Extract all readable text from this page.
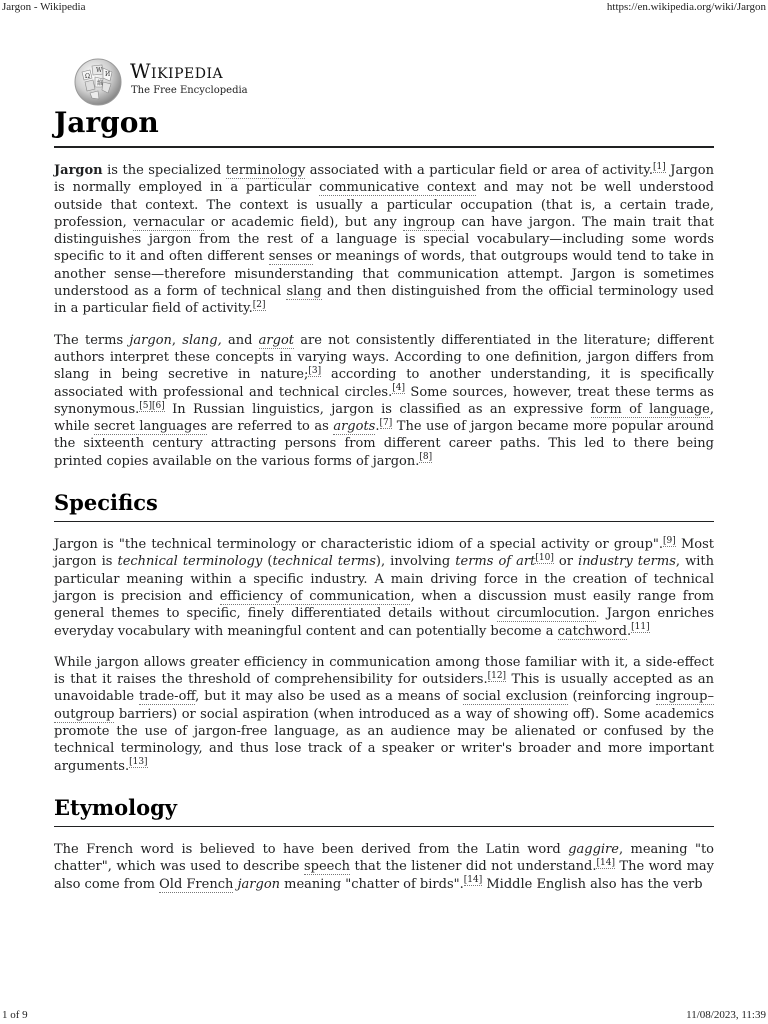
Jargon - Wikipedia	https://en.wikipedia.org/wiki/Jargon
Ω
W
И
維
Wikipedia
The Free Encyclopedia
Jargon

Jargon is the specialized terminology associated with a particular field or area of activity.[1] Jargon is normally employed in a particular communicative context and may not be well understood outside that context. The context is usually a particular occupation (that is, a certain trade, profession, vernacular or academic field), but any ingroup can have jargon. The main trait that distinguishes jargon from the rest of a language is special vocabulary—including some words specific to it and often different senses or meanings of words, that outgroups would tend to take in another sense—therefore misunderstanding that communication attempt. Jargon is sometimes understood as a form of technical slang and then distinguished from the official terminology used in a particular field of activity.[2]

The terms jargon, slang, and argot are not consistently differentiated in the literature; different authors interpret these concepts in varying ways. According to one definition, jargon differs from slang in being secretive in nature;[3] according to another understanding, it is specifically associated with professional and technical circles.[4] Some sources, however, treat these terms as synonymous.[5][6] In Russian linguistics, jargon is classified as an expressive form of language, while secret languages are referred to as argots.[7] The use of jargon became more popular around the sixteenth century attracting persons from different career paths. This led to there being printed copies available on the various forms of jargon.[8]

Specifics

Jargon is "the technical terminology or characteristic idiom of a special activity or group".[9] Most jargon is technical terminology (technical terms), involving terms of art[10] or industry terms, with particular meaning within a specific industry. A main driving force in the creation of technical jargon is precision and efficiency of communication, when a discussion must easily range from general themes to specific, finely differentiated details without circumlocution. Jargon enriches everyday vocabulary with meaningful content and can potentially become a catchword.[11]

While jargon allows greater efficiency in communication among those familiar with it, a side-effect is that it raises the threshold of comprehensibility for outsiders.[12] This is usually accepted as an unavoidable trade-off, but it may also be used as a means of social exclusion (reinforcing ingroup–outgroup barriers) or social aspiration (when introduced as a way of showing off). Some academics promote the use of jargon-free language, as an audience may be alienated or confused by the technical terminology, and thus lose track of a speaker or writer's broader and more important arguments.[13]

Etymology

The French word is believed to have been derived from the Latin word gaggire, meaning "to chatter", which was used to describe speech that the listener did not understand.[14] The word may also come from Old French jargon meaning "chatter of birds".[14] Middle English also has the verb

1 of 9	11/08/2023, 11:39
